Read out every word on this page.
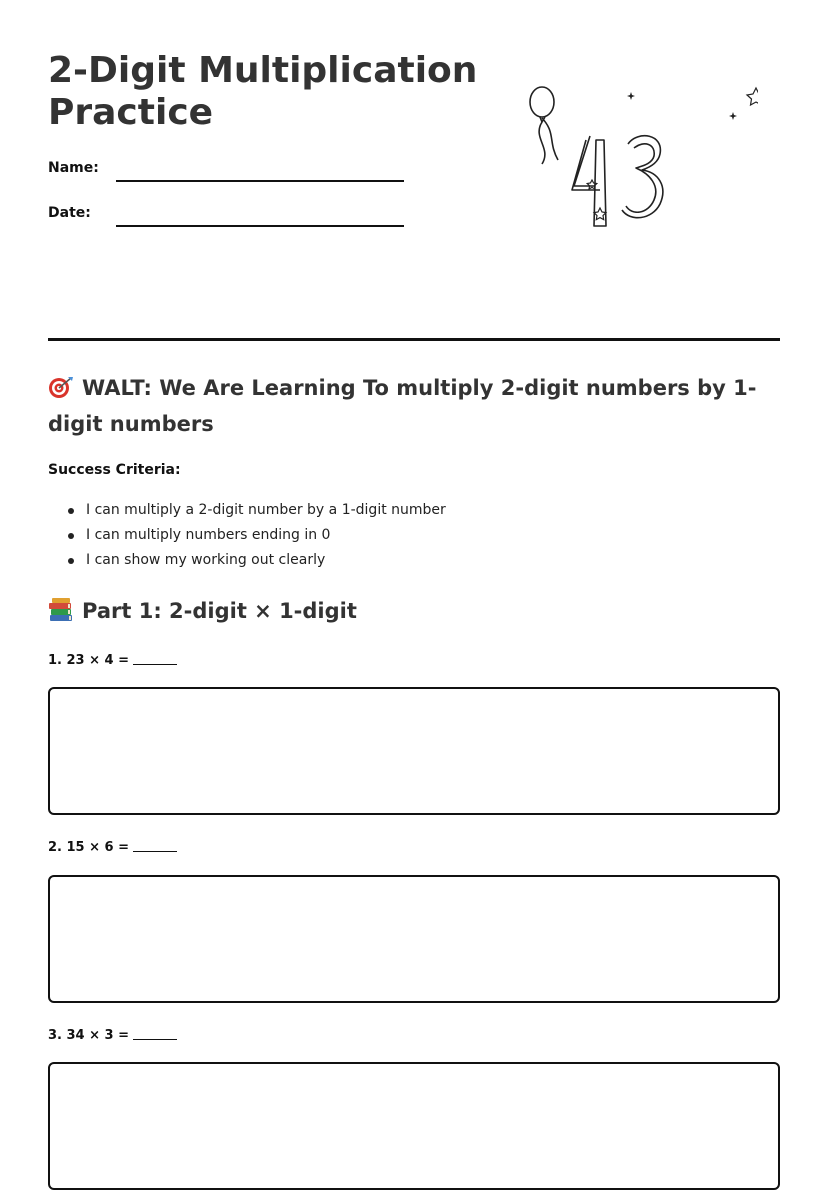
2-Digit Multiplication Practice
Name:
Date:
43
WALT: We Are Learning To multiply 2-digit numbers by 1-digit numbers
Success Criteria:
I can multiply a 2-digit number by a 1-digit number
I can multiply numbers ending in 0
I can show my working out clearly
Part 1: 2-digit × 1-digit
1. 23 × 4 =
2. 15 × 6 =
3. 34 × 3 =
